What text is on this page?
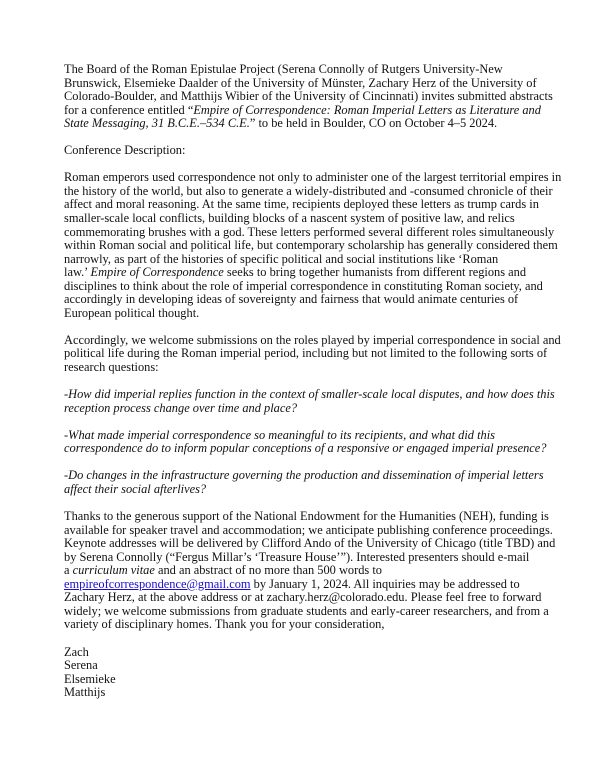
The Board of the Roman Epistulae Project (Serena Connolly of Rutgers University-New
Brunswick, Elsemieke Daalder of the University of Münster, Zachary Herz of the University of
Colorado-Boulder, and Matthijs Wibier of the University of Cincinnati) invites submitted abstracts
for a conference entitled “Empire of Correspondence: Roman Imperial Letters as Literature and
State Messaging, 31 B.C.E.–534 C.E.” to be held in Boulder, CO on October 4–5 2024.
Conference Description:
Roman emperors used correspondence not only to administer one of the largest territorial empires in
the history of the world, but also to generate a widely-distributed and -consumed chronicle of their
affect and moral reasoning. At the same time, recipients deployed these letters as trump cards in
smaller-scale local conflicts, building blocks of a nascent system of positive law, and relics
commemorating brushes with a god. These letters performed several different roles simultaneously
within Roman social and political life, but contemporary scholarship has generally considered them
narrowly, as part of the histories of specific political and social institutions like ‘Roman
law.’ Empire of Correspondence seeks to bring together humanists from different regions and
disciplines to think about the role of imperial correspondence in constituting Roman society, and
accordingly in developing ideas of sovereignty and fairness that would animate centuries of
European political thought.
Accordingly, we welcome submissions on the roles played by imperial correspondence in social and
political life during the Roman imperial period, including but not limited to the following sorts of
research questions:
-How did imperial replies function in the context of smaller-scale local disputes, and how does this
reception process change over time and place?
-What made imperial correspondence so meaningful to its recipients, and what did this
correspondence do to inform popular conceptions of a responsive or engaged imperial presence?
-Do changes in the infrastructure governing the production and dissemination of imperial letters
affect their social afterlives?
Thanks to the generous support of the National Endowment for the Humanities (NEH), funding is
available for speaker travel and accommodation; we anticipate publishing conference proceedings.
Keynote addresses will be delivered by Clifford Ando of the University of Chicago (title TBD) and
by Serena Connolly (“Fergus Millar’s ‘Treasure House’”). Interested presenters should e-mail
a curriculum vitae and an abstract of no more than 500 words to
empireofcorrespondence@gmail.com by January 1, 2024. All inquiries may be addressed to
Zachary Herz, at the above address or at zachary.herz@colorado.edu. Please feel free to forward
widely; we welcome submissions from graduate students and early-career researchers, and from a
variety of disciplinary homes. Thank you for your consideration,
Zach
Serena
Elsemieke
Matthijs
